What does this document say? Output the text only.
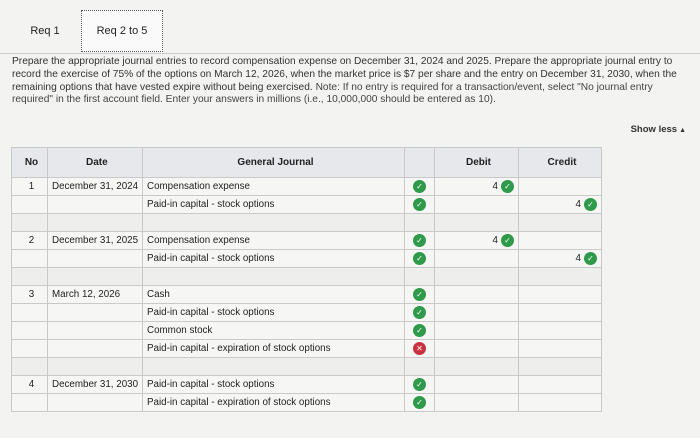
Req 1	Req 2 to 5
Prepare the appropriate journal entries to record compensation expense on December 31, 2024 and 2025. Prepare the appropriate journal entry to record the exercise of 75% of the options on March 12, 2026, when the market price is $7 per share and the entry on December 31, 2030, when the remaining options that have vested expire without being exercised. Note: If no entry is required for a transaction/event, select "No journal entry required" in the first account field. Enter your answers in millions (i.e., 10,000,000 should be entered as 10).
Show less ▲
No	Date	General Journal		Debit	Credit
1	December 31, 2024	Compensation expense	✓	4 ✓	

		Paid-in capital - stock options	✓		4 ✓

2	December 31, 2025	Compensation expense	✓	4 ✓	

		Paid-in capital - stock options	✓		4 ✓

3	March 12, 2026	Cash	✓		
		Paid-in capital - stock options	✓		
		Common stock	✓		
		Paid-in capital - expiration of stock options	✕		

4	December 31, 2030	Paid-in capital - stock options	✓		
		Paid-in capital - expiration of stock options	✓		
